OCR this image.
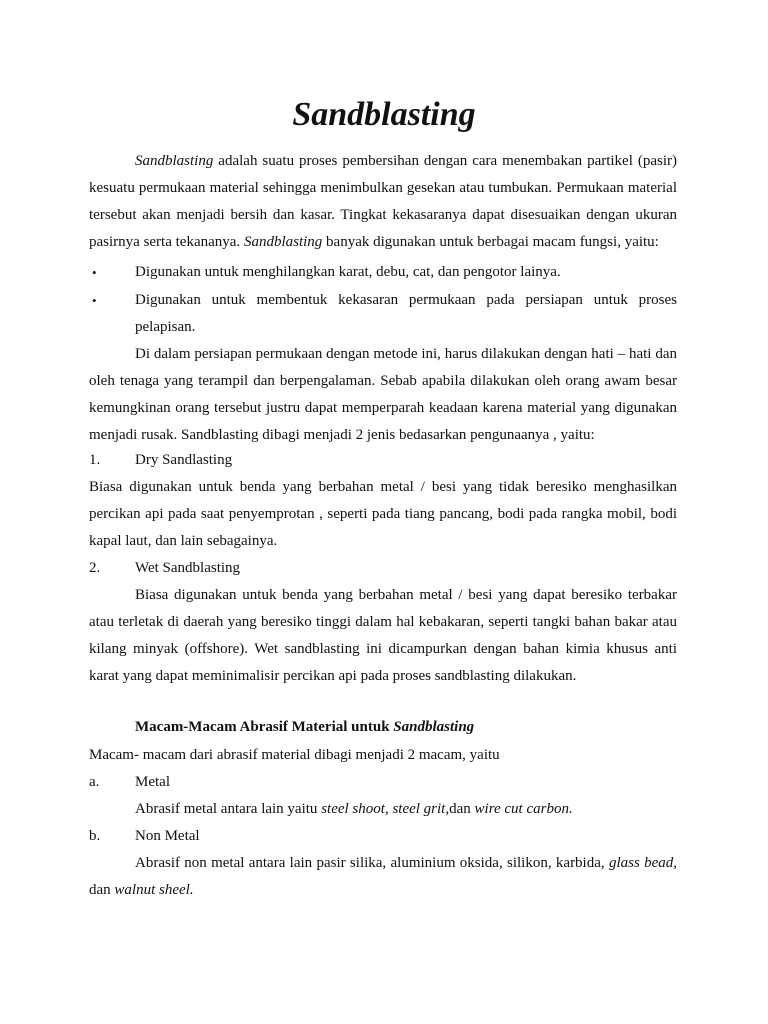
Sandblasting
Sandblasting adalah suatu proses pembersihan dengan cara menembakan partikel (pasir) kesuatu permukaan material sehingga menimbulkan gesekan atau tumbukan. Permukaan material tersebut akan menjadi bersih dan kasar. Tingkat kekasaranya dapat disesuaikan dengan ukuran pasirnya serta tekananya. Sandblasting banyak digunakan untuk berbagai macam fungsi, yaitu:
•	Digunakan untuk menghilangkan karat, debu, cat, dan pengotor lainya.
•	Digunakan untuk membentuk kekasaran permukaan pada persiapan untuk proses pelapisan.
Di dalam persiapan permukaan dengan metode ini, harus dilakukan dengan hati – hati dan oleh tenaga yang terampil dan berpengalaman. Sebab apabila dilakukan oleh orang awam besar kemungkinan orang tersebut justru dapat memperparah keadaan karena material yang digunakan menjadi rusak. Sandblasting dibagi menjadi 2 jenis bedasarkan pengunaanya , yaitu:
1.	Dry Sandlasting
Biasa digunakan untuk benda yang berbahan metal / besi yang tidak beresiko menghasilkan percikan api pada saat penyemprotan , seperti pada tiang pancang, bodi pada rangka mobil, bodi kapal laut, dan lain sebagainya.
2.	Wet Sandblasting
Biasa digunakan untuk benda yang berbahan metal / besi yang dapat beresiko terbakar atau terletak di daerah yang beresiko tinggi dalam hal kebakaran, seperti tangki bahan bakar atau kilang minyak (offshore). Wet sandblasting ini dicampurkan dengan bahan kimia khusus anti karat yang dapat meminimalisir percikan api pada proses sandblasting dilakukan.
Macam-Macam Abrasif Material untuk Sandblasting
Macam- macam dari abrasif material dibagi menjadi 2 macam, yaitu
a.	Metal
Abrasif metal antara lain yaitu steel shoot, steel grit,dan wire cut carbon.
b.	Non Metal
Abrasif non metal antara lain pasir silika, aluminium oksida, silikon, karbida, glass bead, dan walnut sheel.
